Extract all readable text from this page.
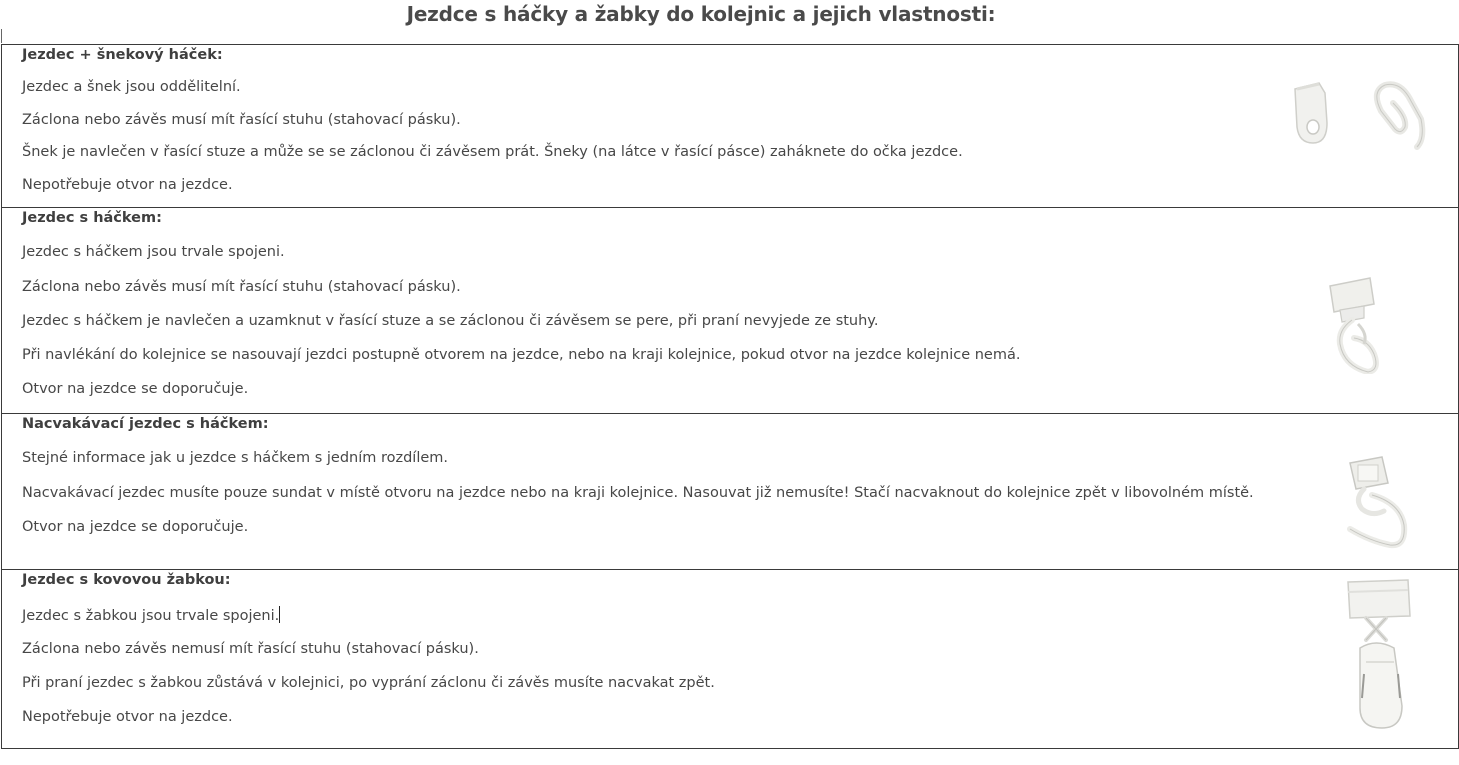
Jezdce s háčky a žabky do kolejnic a jejich vlastnosti:
Jezdec + šnekový háček:
Jezdec a šnek jsou oddělitelní.
Záclona nebo závěs musí mít řasící stuhu (stahovací pásku).
Šnek je navlečen v řasící stuze a může se se záclonou či závěsem prát. Šneky (na látce v řasící pásce) zaháknete do očka jezdce.
Nepotřebuje otvor na jezdce.
Jezdec s háčkem:
Jezdec s háčkem jsou trvale spojeni.
Záclona nebo závěs musí mít řasící stuhu (stahovací pásku).
Jezdec s háčkem je navlečen a uzamknut v řasící stuze a se záclonou či závěsem se pere, při praní nevyjede ze stuhy.
Při navlékání do kolejnice se nasouvají jezdci postupně otvorem na jezdce, nebo na kraji kolejnice, pokud otvor na jezdce kolejnice nemá.
Otvor na jezdce se doporučuje.
Nacvakávací jezdec s háčkem:
Stejné informace jak u jezdce s háčkem s jedním rozdílem.
Nacvakávací jezdec musíte pouze sundat v místě otvoru na jezdce nebo na kraji kolejnice. Nasouvat již nemusíte! Stačí nacvaknout do kolejnice zpět v libovolném místě.
Otvor na jezdce se doporučuje.
Jezdec s kovovou žabkou:
Jezdec s žabkou jsou trvale spojeni.
Záclona nebo závěs nemusí mít řasící stuhu (stahovací pásku).
Při praní jezdec s žabkou zůstává v kolejnici, po vyprání záclonu či závěs musíte nacvakat zpět.
Nepotřebuje otvor na jezdce.
